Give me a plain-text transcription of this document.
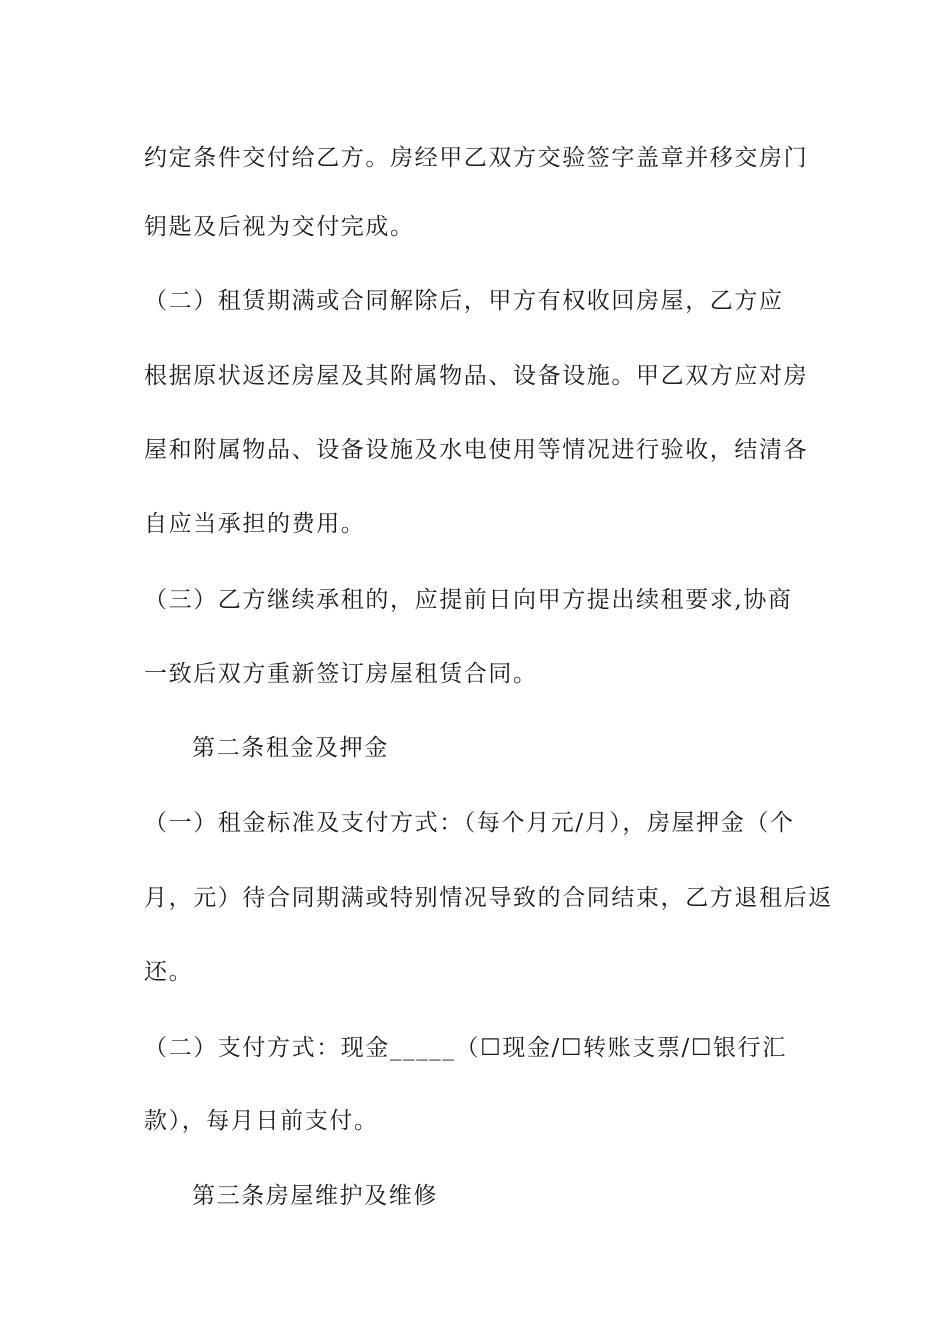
约定条件交付给乙方。房经甲乙双方交验签字盖章并移交房门
钥匙及后视为交付完成。
（二）租赁期满或合同解除后，甲方有权收回房屋，乙方应
根据原状返还房屋及其附属物品、设备设施。甲乙双方应对房
屋和附属物品、设备设施及水电使用等情况进行验收，结清各
自应当承担的费用。
（三）乙方继续承租的，应提前日向甲方提出续租要求,协商
一致后双方重新签订房屋租赁合同。
第二条租金及押金
（一）租金标准及支付方式：（每个月元/月），房屋押金（个
月，元）待合同期满或特别情况导致的合同结束，乙方退租后返
还。
（二）支付方式：现金_____（☐现金/☐转账支票/☐银行汇
款），每月日前支付。
第三条房屋维护及维修
